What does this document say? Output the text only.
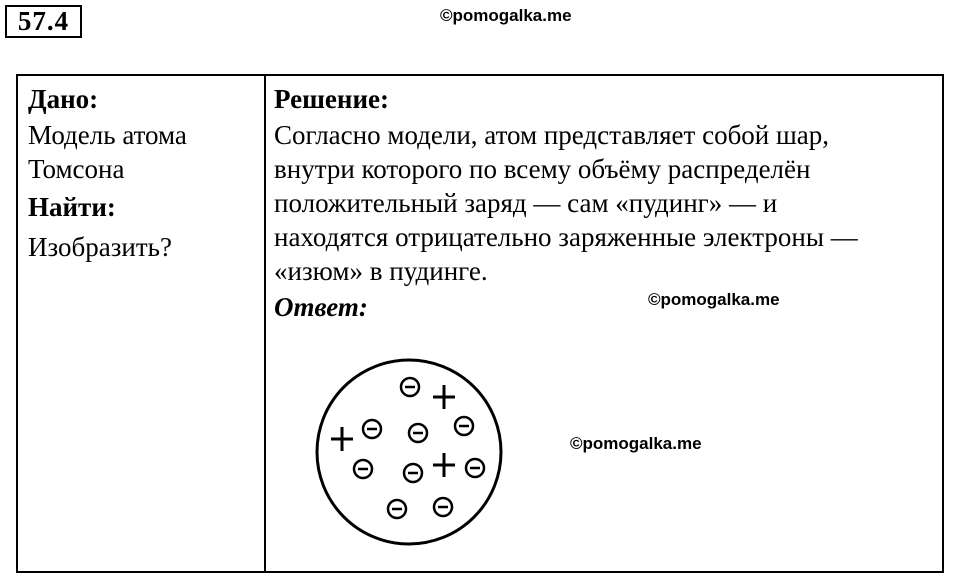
57.4	©pomogalka.me
Дано:
Модель атома
Томсона
Найти:
Изобразить?
Решение:
Согласно модели, атом представляет собой шар,
внутри которого по всему объёму распределён
положительный заряд — сам «пудинг» — и
находятся отрицательно заряженные электроны —
«изюм» в пудинге.
Ответ:	©pomogalka.me
©pomogalka.me
